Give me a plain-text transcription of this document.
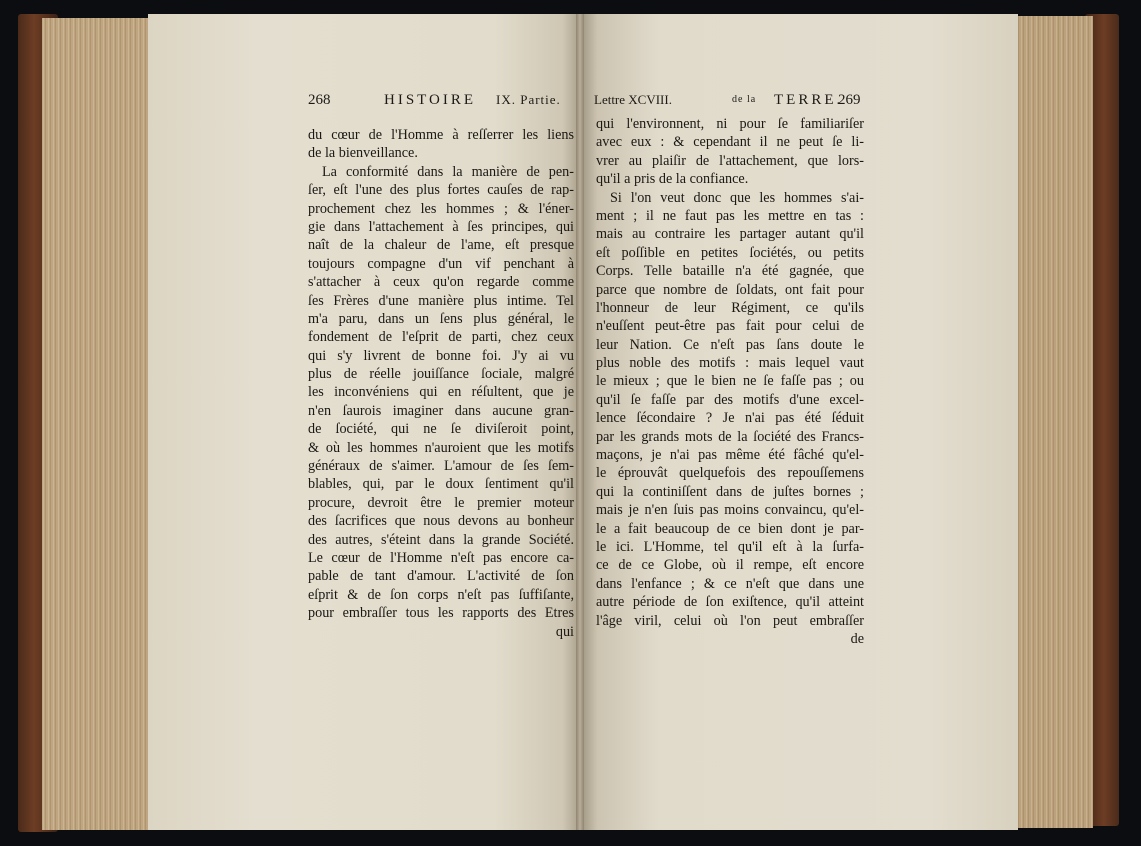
268	HISTOIRE IX. Partie.	Lettre XCVIII.	de la TERRE.
269
du cœur de l'Homme à reſſerrer les liens
de la bienveillance.
La conformité dans la manière de pen-
ſer, eſt l'une des plus fortes cauſes de rap-
prochement chez les hommes ; & l'éner-
gie dans l'attachement à ſes principes, qui
naît de la chaleur de l'ame, eſt presque
toujours compagne d'un vif penchant à
s'attacher à ceux qu'on regarde comme
ſes Frères d'une manière plus intime. Tel
m'a paru, dans un ſens plus général, le
fondement de l'eſprit de parti, chez ceux
qui s'y livrent de bonne foi. J'y ai vu
plus de réelle jouiſſance ſociale, malgré
les inconvéniens qui en réſultent, que je
n'en ſaurois imaginer dans aucune gran-
de ſociété, qui ne ſe diviſeroit point,
& où les hommes n'auroient que les motifs
généraux de s'aimer. L'amour de ſes ſem-
blables, qui, par le doux ſentiment qu'il
procure, devroit être le premier moteur
des ſacrifices que nous devons au bonheur
des autres, s'éteint dans la grande Société.
Le cœur de l'Homme n'eſt pas encore ca-
pable de tant d'amour. L'activité de ſon
eſprit & de ſon corps n'eſt pas ſuffiſante,
pour embraſſer tous les rapports des Etres
qui
qui l'environnent, ni pour ſe familiariſer
avec eux : & cependant il ne peut ſe li-
vrer au plaiſir de l'attachement, que lors-
qu'il a pris de la confiance.
Si l'on veut donc que les hommes s'ai-
ment ; il ne faut pas les mettre en tas :
mais au contraire les partager autant qu'il
eſt poſſible en petites ſociétés, ou petits
Corps. Telle bataille n'a été gagnée, que
parce que nombre de ſoldats, ont fait pour
l'honneur de leur Régiment, ce qu'ils
n'euſſent peut-être pas fait pour celui de
leur Nation. Ce n'eſt pas ſans doute le
plus noble des motifs : mais lequel vaut
le mieux ; que le bien ne ſe faſſe pas ; ou
qu'il ſe faſſe par des motifs d'une excel-
lence ſécondaire ? Je n'ai pas été ſéduit
par les grands mots de la ſociété des Francs-
maçons, je n'ai pas même été fâché qu'el-
le éprouvât quelquefois des repouſſemens
qui la continiſſent dans de juſtes bornes ;
mais je n'en ſuis pas moins convaincu, qu'el-
le a fait beaucoup de ce bien dont je par-
le ici. L'Homme, tel qu'il eſt à la ſurfa-
ce de ce Globe, où il rempe, eſt encore
dans l'enfance ; & ce n'eſt que dans une
autre période de ſon exiſtence, qu'il atteint
l'âge viril, celui où l'on peut embraſſer
de
